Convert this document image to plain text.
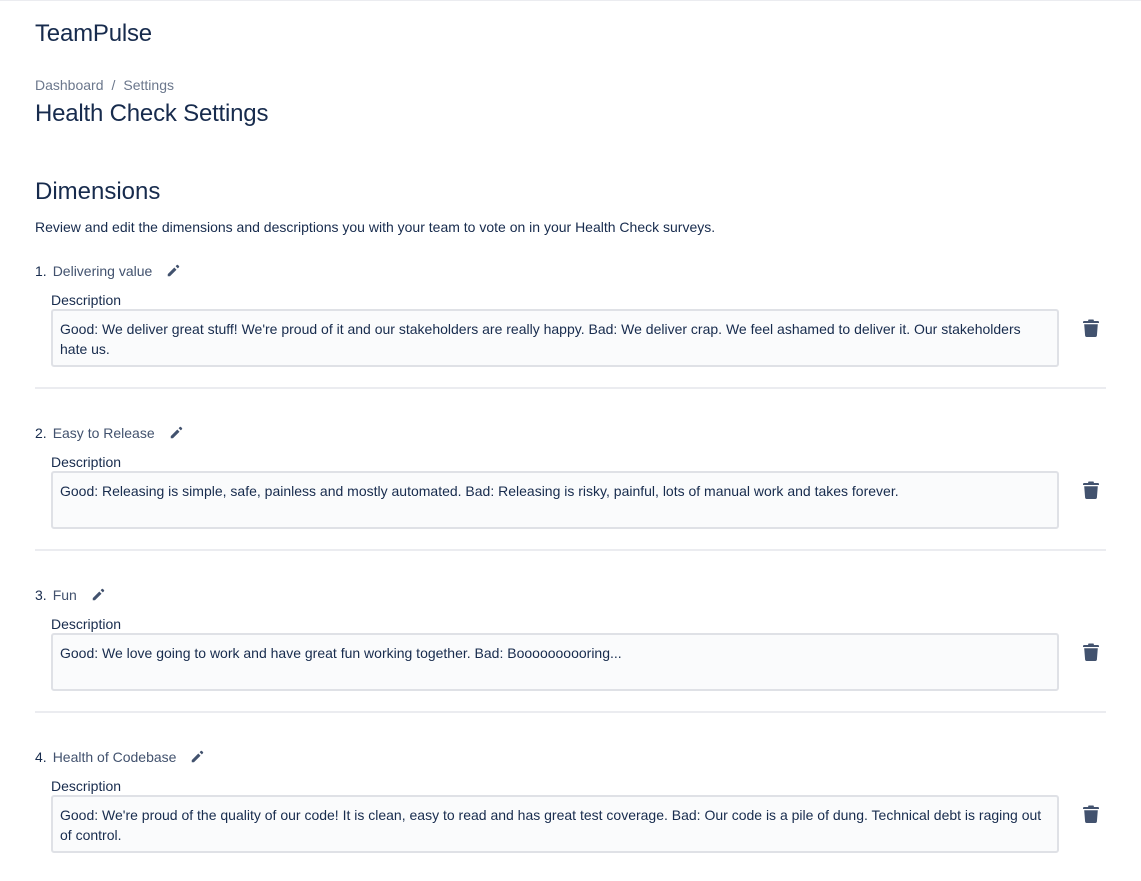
TeamPulse
Dashboard / Settings
Health Check Settings
Dimensions
Review and edit the dimensions and descriptions you with your team to vote on in your Health Check surveys.
1. Delivering value
Description
Good: We deliver great stuff! We're proud of it and our stakeholders are really happy. Bad: We deliver crap. We feel ashamed to deliver it. Our stakeholders hate us.
2. Easy to Release
Description
Good: Releasing is simple, safe, painless and mostly automated. Bad: Releasing is risky, painful, lots of manual work and takes forever.
3. Fun
Description
Good: We love going to work and have great fun working together. Bad: Boooooooooring...
4. Health of Codebase
Description
Good: We're proud of the quality of our code! It is clean, easy to read and has great test coverage. Bad: Our code is a pile of dung. Technical debt is raging out of control.
